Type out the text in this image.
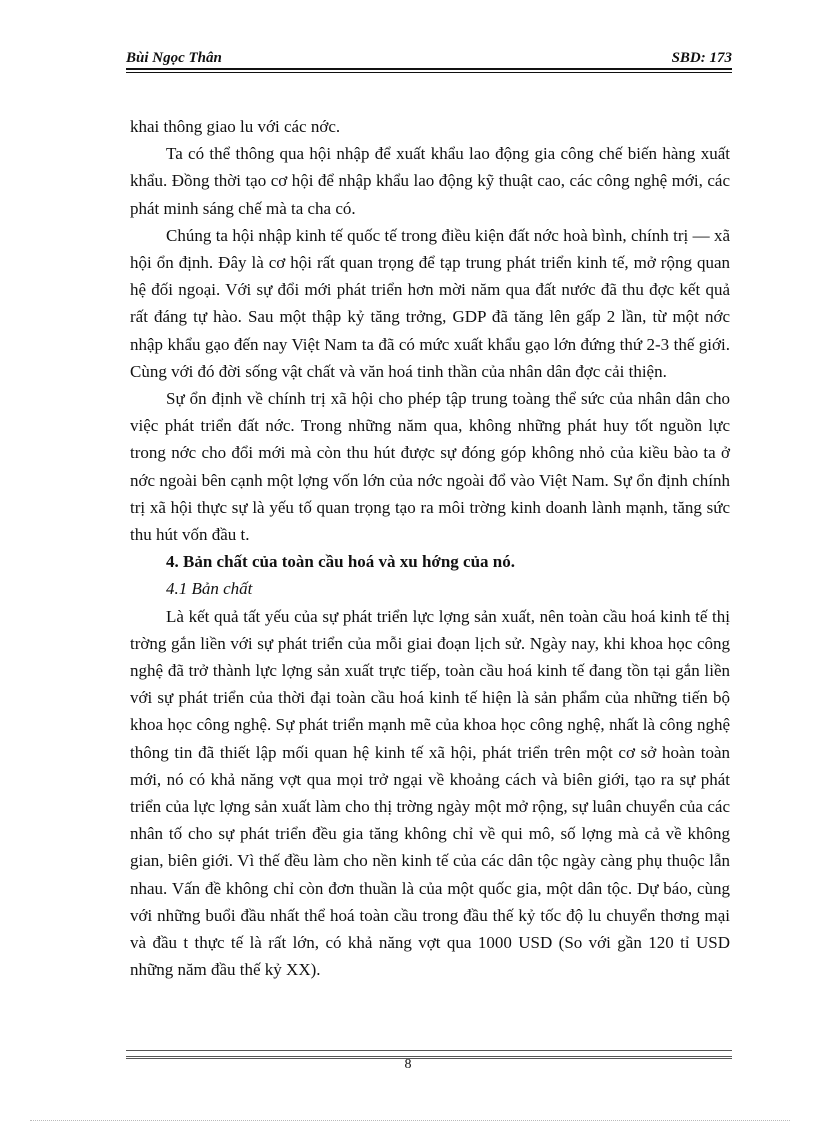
Bùi Ngọc Thân	SBD: 173

khai thông giao lu với các nớc.

Ta có thể thông qua hội nhập để xuất khẩu lao động gia công chế biến hàng xuất khẩu. Đồng thời tạo cơ hội để nhập khẩu lao động kỹ thuật cao, các công nghệ mới, các phát minh sáng chế mà ta cha có.

Chúng ta hội nhập kinh tế quốc tế trong điều kiện đất nớc hoà bình, chính trị — xã hội ổn định. Đây là cơ hội rất quan trọng để tạp trung phát triển kinh tế, mở rộng quan hệ đối ngoại. Với sự đổi mới phát triển hơn mời năm qua đất nước đã thu đợc kết quả rất đáng tự hào. Sau một thập kỷ tăng trởng, GDP đã tăng lên gấp 2 lần, từ một nớc nhập khẩu gạo đến nay Việt Nam ta đã có mức xuất khẩu gạo lớn đứng thứ 2-3 thế giới. Cùng với đó đời sống vật chất và văn hoá tinh thần của nhân dân đợc cải thiện.

Sự ổn định về chính trị xã hội cho phép tập trung toàng thể sức của nhân dân cho việc phát triển đất nớc. Trong những năm qua, không những phát huy tốt nguồn lực trong nớc cho đổi mới mà còn thu hút được sự đóng góp không nhỏ của kiều bào ta ở nớc ngoài bên cạnh một lợng vốn lớn của nớc ngoài đổ vào Việt Nam. Sự ổn định chính trị xã hội thực sự là yếu tố quan trọng tạo ra môi trờng kinh doanh lành mạnh, tăng sức thu hút vốn đầu t.

4. Bản chất của toàn cầu hoá và xu hớng của nó.

4.1 Bản chất

Là kết quả tất yếu của sự phát triển lực lợng sản xuất, nên toàn cầu hoá kinh tế thị trờng gắn liền với sự phát triển của mỗi giai đoạn lịch sử. Ngày nay, khi khoa học công nghệ đã trở thành lực lợng sản xuất trực tiếp, toàn cầu hoá kinh tế đang tồn tại gắn liền với sự phát triển của thời đại toàn cầu hoá kinh tế hiện là sản phẩm của những tiến bộ khoa học công nghệ. Sự phát triển mạnh mẽ của khoa học công nghệ, nhất là công nghệ thông tin đã thiết lập mối quan hệ kinh tế xã hội, phát triển trên một cơ sở hoàn toàn mới, nó có khả năng vợt qua mọi trở ngại về khoảng cách và biên giới, tạo ra sự phát triển của lực lợng sản xuất làm cho thị trờng ngày một mở rộng, sự luân chuyển của các nhân tố cho sự phát triển đều gia tăng không chỉ về qui mô, số lợng mà cả về không gian, biên giới. Vì thế đều làm cho nền kinh tế của các dân tộc ngày càng phụ thuộc lẫn nhau. Vấn đề không chỉ còn đơn thuần là của một quốc gia, một dân tộc. Dự báo, cùng với những buổi đầu nhất thể hoá toàn cầu trong đầu thế kỷ tốc độ lu chuyển thơng mại và đầu t thực tế là rất lớn, có khả năng vợt qua 1000 USD (So với gần 120 tỉ USD những năm đầu thế kỷ XX).

8
